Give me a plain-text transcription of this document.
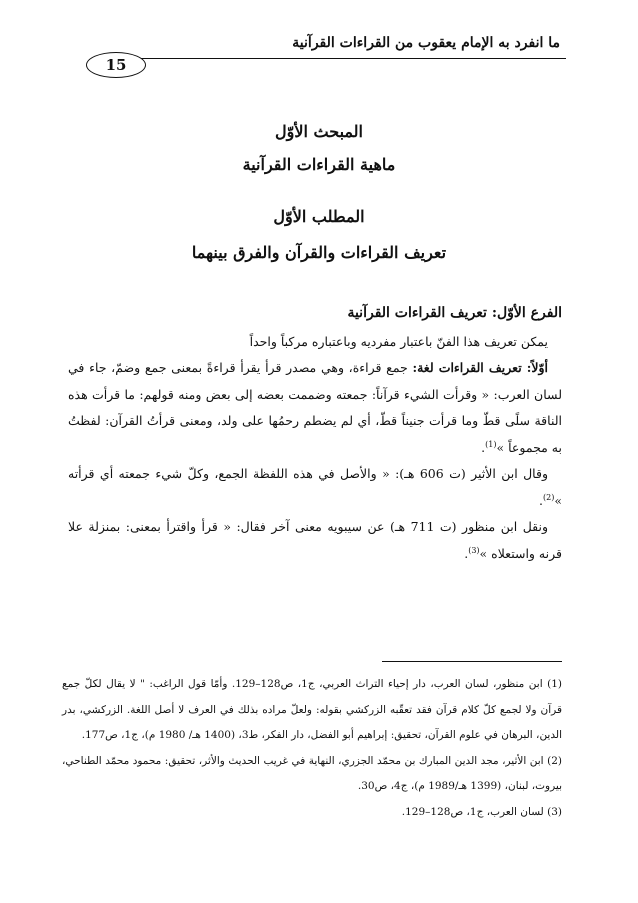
ما انفرد به الإمام يعقوب من القراءات القرآنية
15
المبحث الأوّل
ماهية القراءات القرآنية
المطلب الأوّل
تعريف القراءات والقرآن والفرق بينهما

الفرع الأوّل: تعريف القراءات القرآنية

يمكن تعريف هذا الفنّ باعتبار مفرديه وباعتباره مركباً واحداً

أوّلاً: تعريف القراءات لغة: جمع قراءة، وهي مصدر قرأ يقرأ قراءةً بمعنى جمع وضمّ، جاء في لسان العرب: « وقرأت الشيء قرآناً: جمعته وضممت بعضه إلى بعض ومنه قولهم: ما قرأت هذه الناقة سلًى قطّ وما قرأت جنيناً قطّ، أي لم يضطم رحمُها على ولد، ومعنى قرأتُ القرآن: لفظتُ به مجموعاً »$^{(1)}$.

وقال ابن الأثير (ت 606 هـ): « والأصل في هذه اللفظة الجمع، وكلّ شيء جمعته أي قرأته »$^{(2)}$.

ونقل ابن منظور (ت 711 هـ) عن سيبويه معنى آخر فقال: « قرأ واقترأ بمعنى: بمنزلة علا قرنه واستعلاه »$^{(3)}$.

(1) ابن منظور، لسان العرب، دار إحياء التراث العربي، ج1، ص128–129. وأمّا قول الراغب: " لا يقال لكلّ جمع قرآن ولا لجمع كلّ كلام قرآن فقد تعقّبه الزركشي بقوله: ولعلّ مراده بذلك في العرف لا أصل اللغة. الزركشي، بدر الدين، البرهان في علوم القرآن، تحقيق: إبراهيم أبو الفضل، دار الفكر، ط3، (1400 هـ/ 1980 م)، ج1، ص177.

(2) ابن الأثير، مجد الدين المبارك بن محمّد الجزري، النهاية في غريب الحديث والأثر، تحقيق: محمود محمّد الطناحي، بيروت، لبنان، (1399 هـ/1989 م)، ج4، ص30.

(3) لسان العرب، ج1، ص128–129.
